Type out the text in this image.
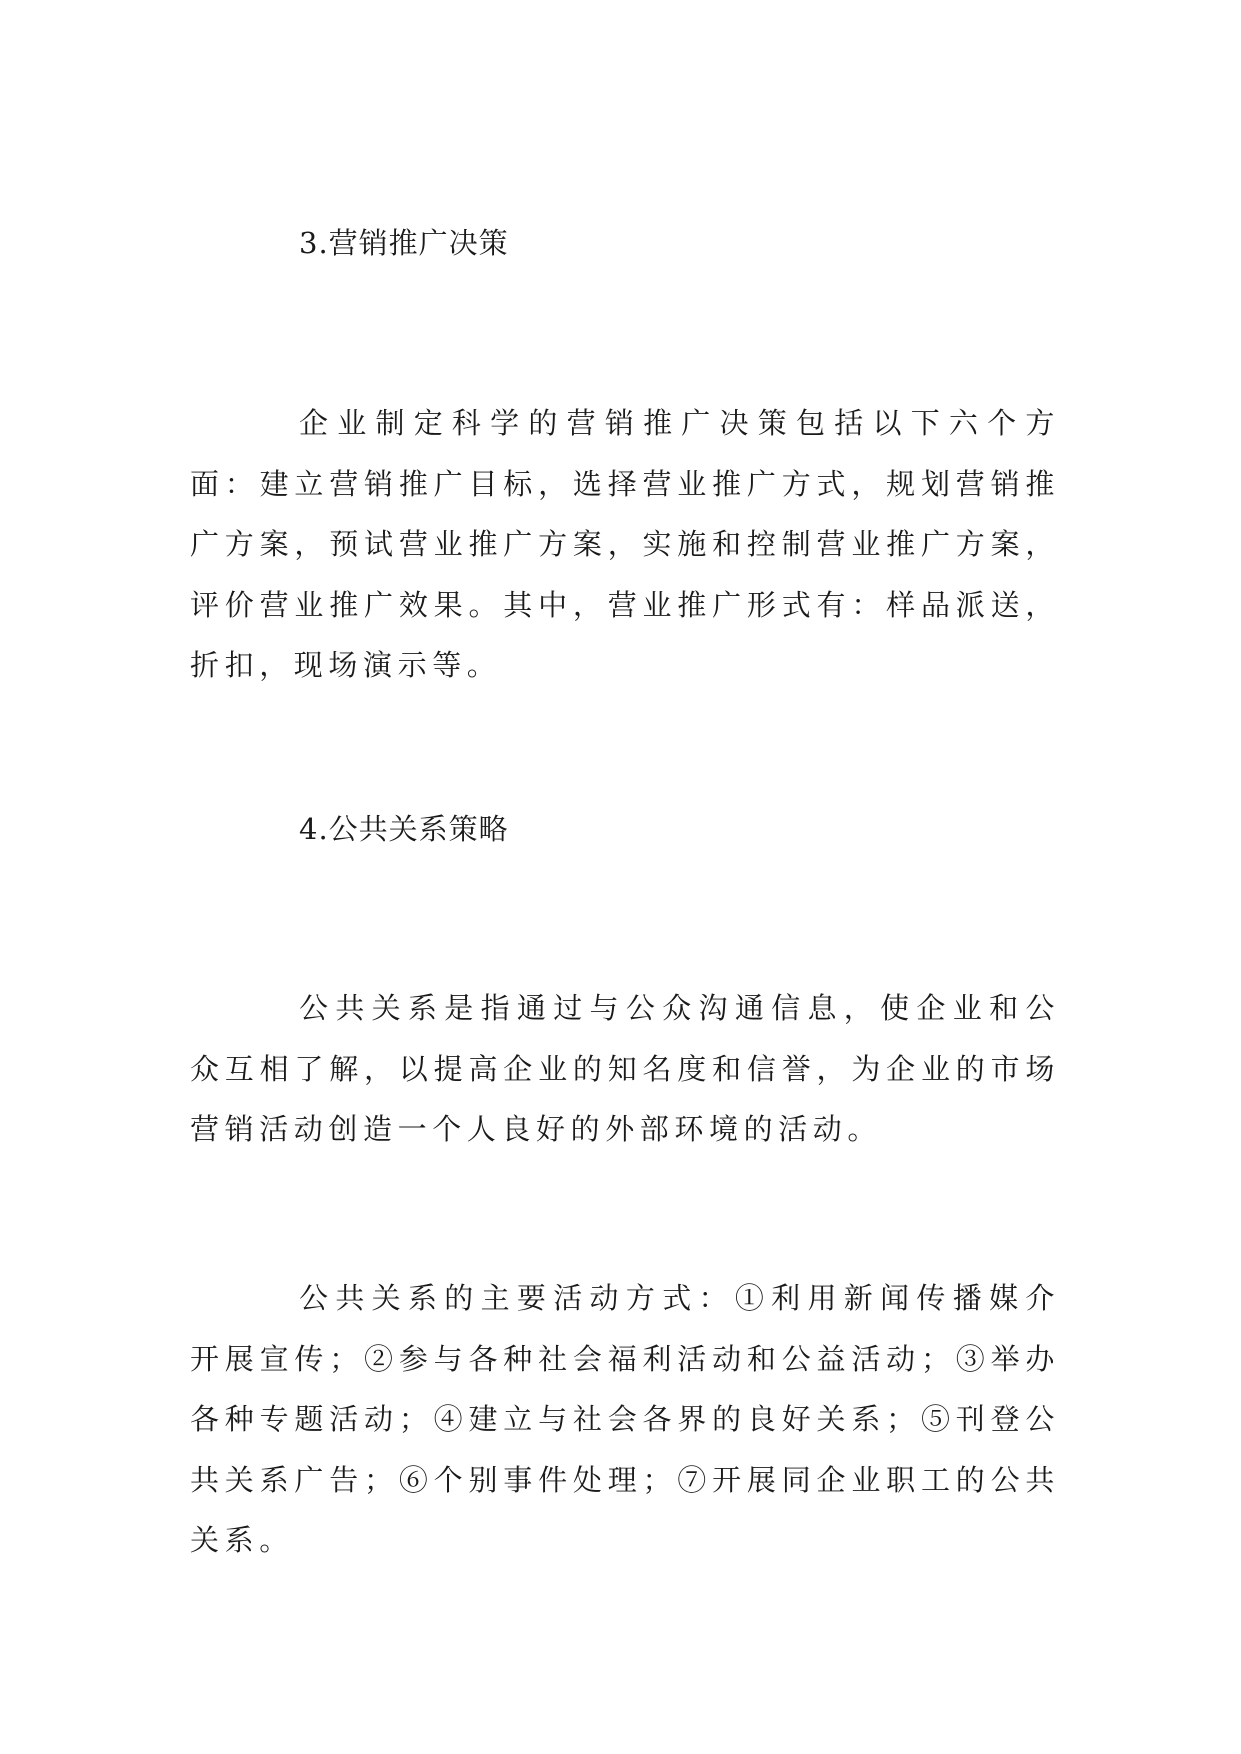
3.营销推广决策

企业制定科学的营销推广决策包括以下六个方面：建立营销推广目标，选择营业推广方式，规划营销推广方案，预试营业推广方案，实施和控制营业推广方案，评价营业推广效果。其中，营业推广形式有：样品派送，折扣，现场演示等。

4.公共关系策略

公共关系是指通过与公众沟通信息，使企业和公众互相了解，以提高企业的知名度和信誉，为企业的市场营销活动创造一个人良好的外部环境的活动。

公共关系的主要活动方式：①利用新闻传播媒介开展宣传；②参与各种社会福利活动和公益活动；③举办各种专题活动；④建立与社会各界的良好关系；⑤刊登公共关系广告；⑥个别事件处理；⑦开展同企业职工的公共关系。
